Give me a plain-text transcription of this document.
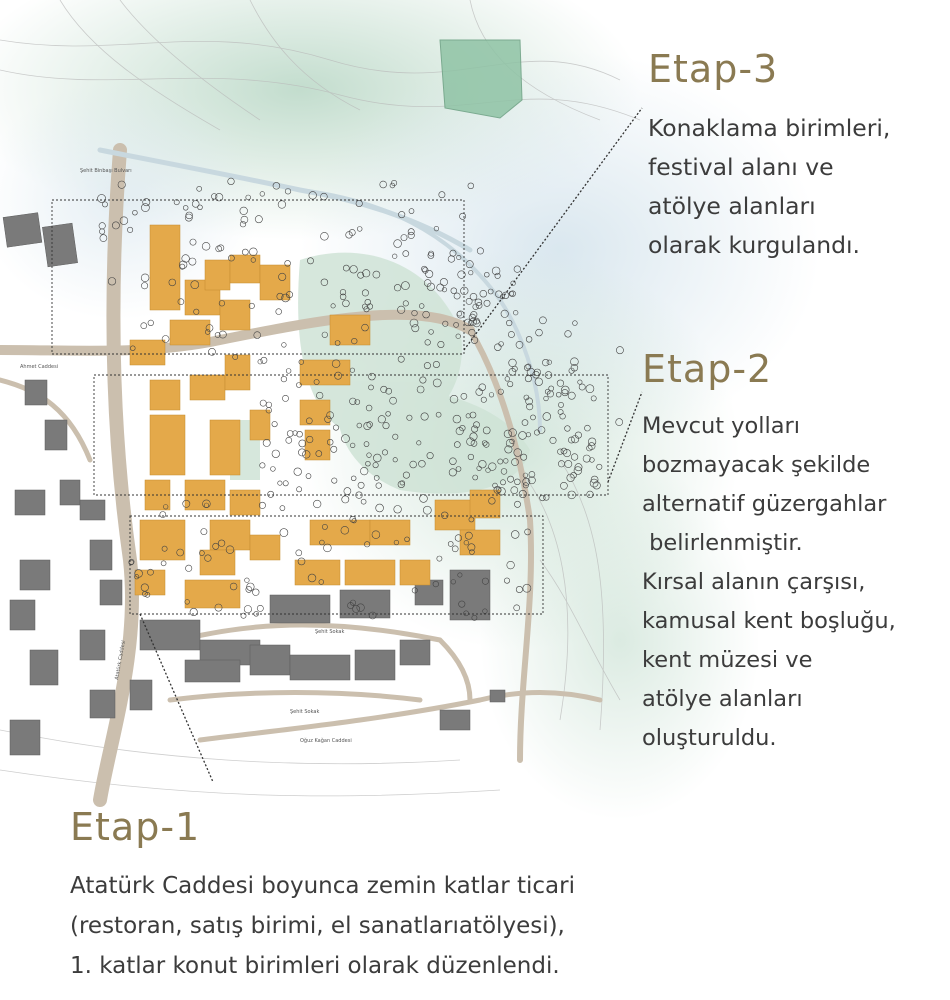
Şehit Binbaşı Bulvarı
Ahmet Caddesi
Şehit Sokak
Şehit Sokak
Oğuz Kağan Caddesi
Atatürk Caddesi
Etap-3
Konaklama birimleri,
festival alanı ve
atölye alanları
olarak kurgulandı.
Etap-2
Mevcut yolları
bozmayacak şekilde
alternatif güzergahlar
belirlenmiştir.
Kırsal alanın çarşısı,
kamusal kent boşluğu,
kent müzesi ve
atölye alanları
oluşturuldu.
Etap-1
Atatürk Caddesi boyunca zemin katlar ticari
(restoran, satış birimi, el sanatlarıatölyesi),
1. katlar konut birimleri olarak düzenlendi.
